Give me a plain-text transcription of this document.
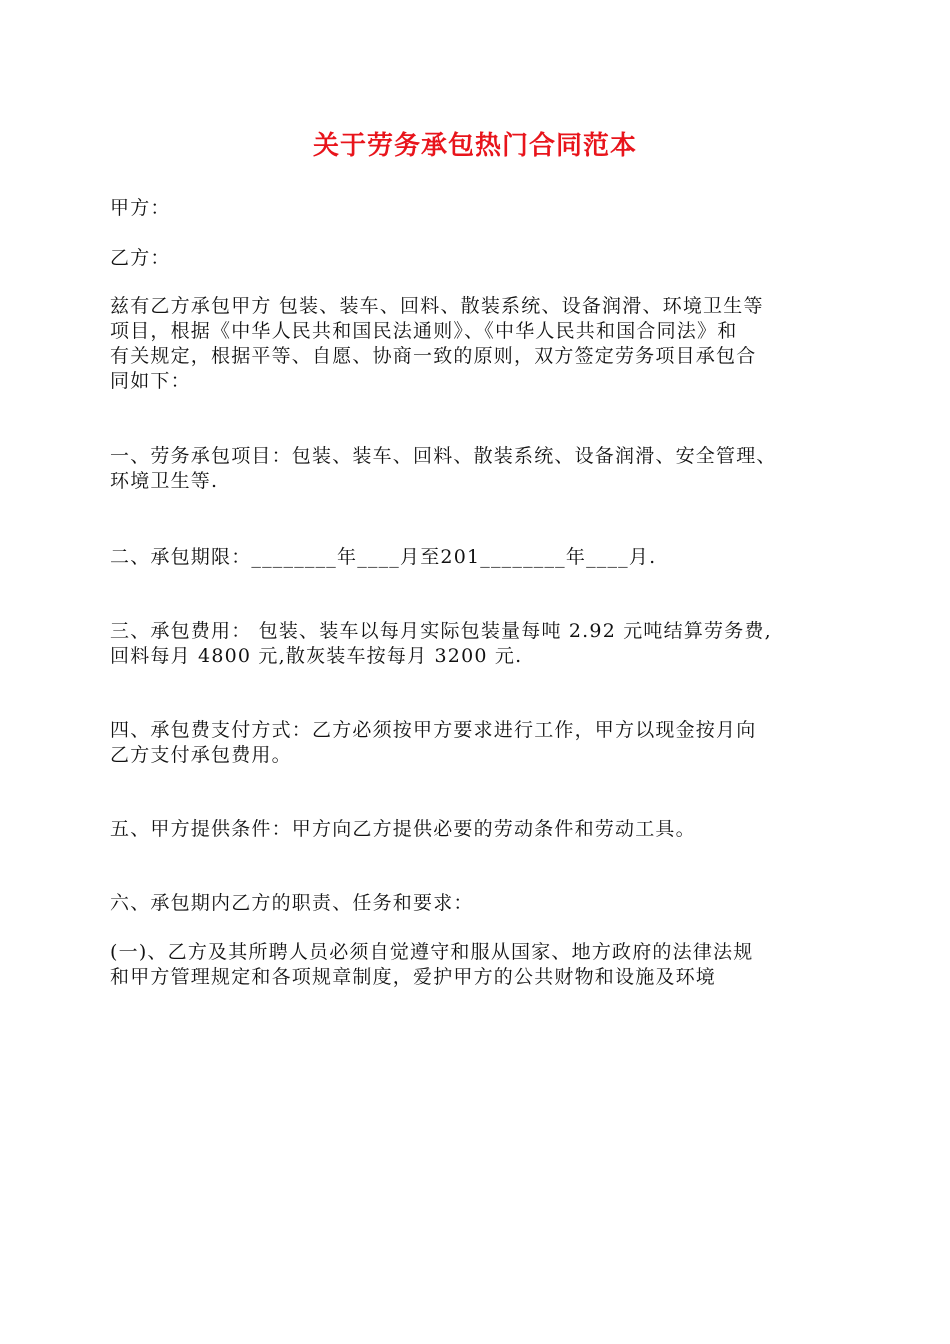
关于劳务承包热门合同范本
甲方：
乙方：
兹有乙方承包甲方 包装、装车、回料、散装系统、设备润滑、环境卫生等
项目，根据《中华人民共和国民法通则》、《中华人民共和国合同法》和
有关规定，根据平等、自愿、协商一致的原则，双方签定劳务项目承包合
同如下：
一、劳务承包项目：包装、装车、回料、散装系统、设备润滑、安全管理、
环境卫生等.
二、承包期限：________年____月至201________年____月.
三、承包费用： 包装、装车以每月实际包装量每吨 2.92 元吨结算劳务费,
回料每月 4800 元,散灰装车按每月 3200 元.
四、承包费支付方式：乙方必须按甲方要求进行工作，甲方以现金按月向
乙方支付承包费用。
五、甲方提供条件：甲方向乙方提供必要的劳动条件和劳动工具。
六、承包期内乙方的职责、任务和要求：
(一)、乙方及其所聘人员必须自觉遵守和服从国家、地方政府的法律法规
和甲方管理规定和各项规章制度，爱护甲方的公共财物和设施及环境
